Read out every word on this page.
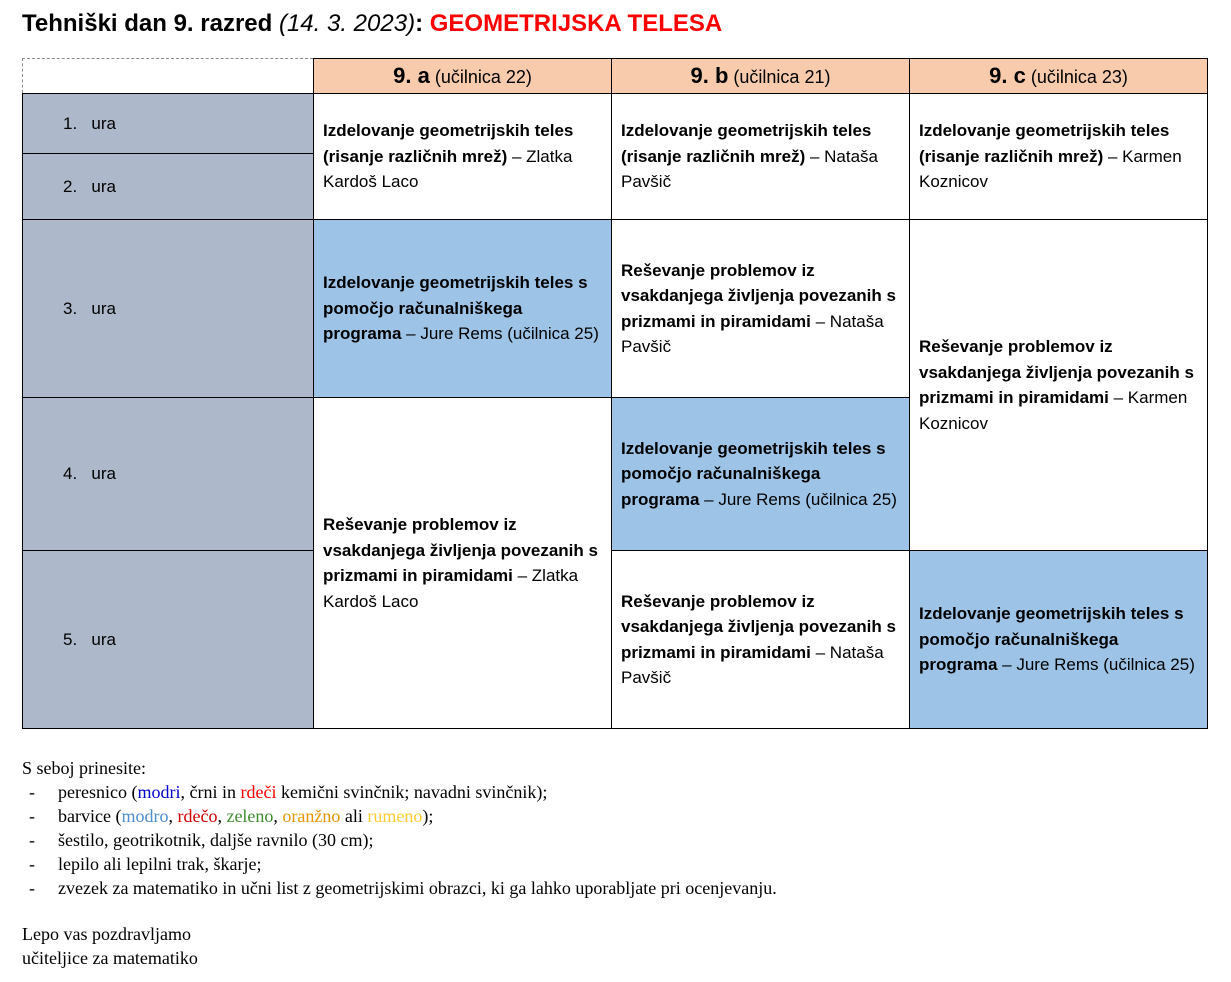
Tehniški dan 9. razred (14. 3. 2023): GEOMETRIJSKA TELESA
	9. a (učilnica 22)	9. b (učilnica 21)	9. c (učilnica 23)
1. ura	Izdelovanje geometrijskih teles (risanje različnih mrež) – Zlatka Kardoš Laco	Izdelovanje geometrijskih teles (risanje različnih mrež) – Nataša Pavšič	Izdelovanje geometrijskih teles (risanje različnih mrež) – Karmen Koznicov
2. ura			
3. ura	Izdelovanje geometrijskih teles s pomočjo računalniškega programa – Jure Rems (učilnica 25)	Reševanje problemov iz vsakdanjega življenja povezanih s prizmami in piramidami – Nataša Pavšič	Reševanje problemov iz vsakdanjega življenja povezanih s prizmami in piramidami – Karmen Koznicov
4. ura	Reševanje problemov iz vsakdanjega življenja povezanih s prizmami in piramidami – Zlatka Kardoš Laco	Izdelovanje geometrijskih teles s pomočjo računalniškega programa – Jure Rems (učilnica 25)	
5. ura		Reševanje problemov iz vsakdanjega življenja povezanih s prizmami in piramidami – Nataša Pavšič	Izdelovanje geometrijskih teles s pomočjo računalniškega programa – Jure Rems (učilnica 25)
S seboj prinesite:
- peresnico (modri, črni in rdeči kemični svinčnik; navadni svinčnik);
- barvice (modro, rdečo, zeleno, oranžno ali rumeno);
- šestilo, geotrikotnik, daljše ravnilo (30 cm);
- lepilo ali lepilni trak, škarje;
- zvezek za matematiko in učni list z geometrijskimi obrazci, ki ga lahko uporabljate pri ocenjevanju.
Lepo vas pozdravljamo
učiteljice za matematiko
